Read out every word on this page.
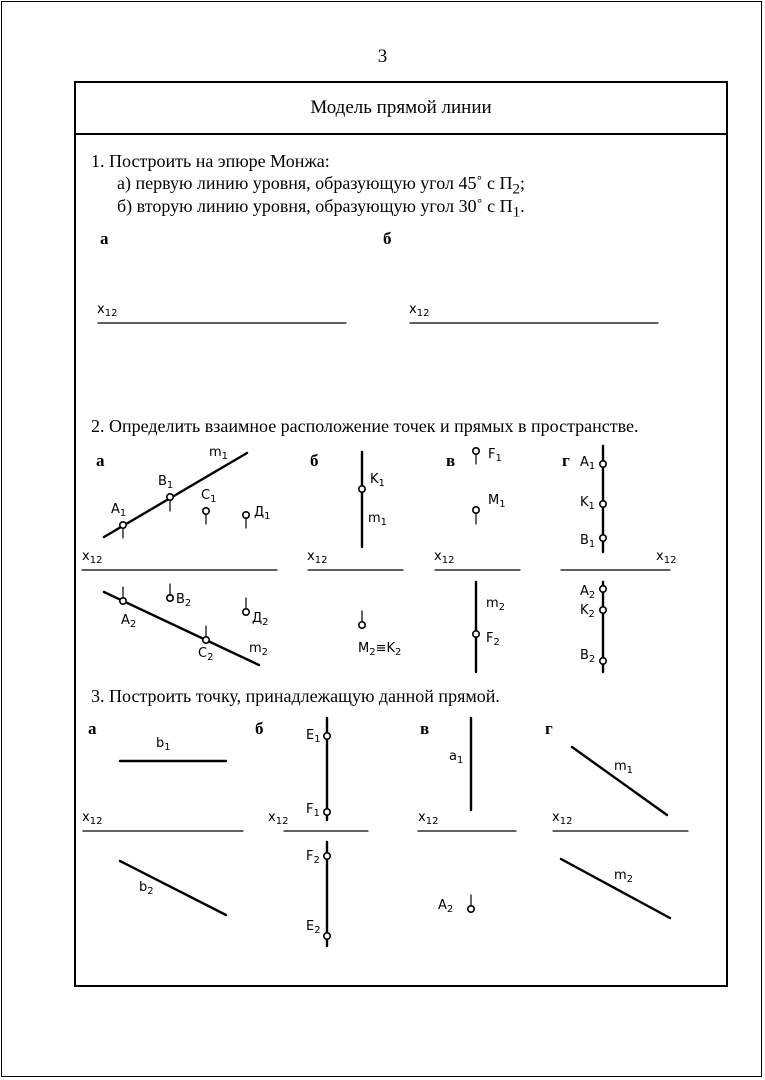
3
Модель прямой линии
1. Построить на эпюре Монжа:
а) первую линию уровня, образующую угол 45˚ с $П_2$;
б) вторую линию уровня, образующую угол 30˚ с $П_1$.
а	б
2. Определить взаимное расположение точек и прямых в пространстве.
а	б	в	г
3. Построить точку, принадлежащую данной прямой.
а	б	в	г
$x_{12}$	$x_{12}$
$x_{12}$
$m_1$
$A_1$
$B_1$
$C_1$
$Д_1$
$A_2$
$B_2$
$C_2$
$Д_2$
$m_2$
$x_{12}$
$K_1$
$m_1$
$M_2\equiv K_2$
$x_{12}$
$F_1$
$M_1$
$m_2$
$F_2$
$x_{12}$
$A_1$
$K_1$
$B_1$
$A_2$
$K_2$
$B_2$
$x_{12}$
$b_1$
$b_2$
$x_{12}$
$E_1$
$F_1$
$F_2$
$E_2$
$x_{12}$
$a_1$
$A_2$
$x_{12}$
$m_1$
$m_2$
